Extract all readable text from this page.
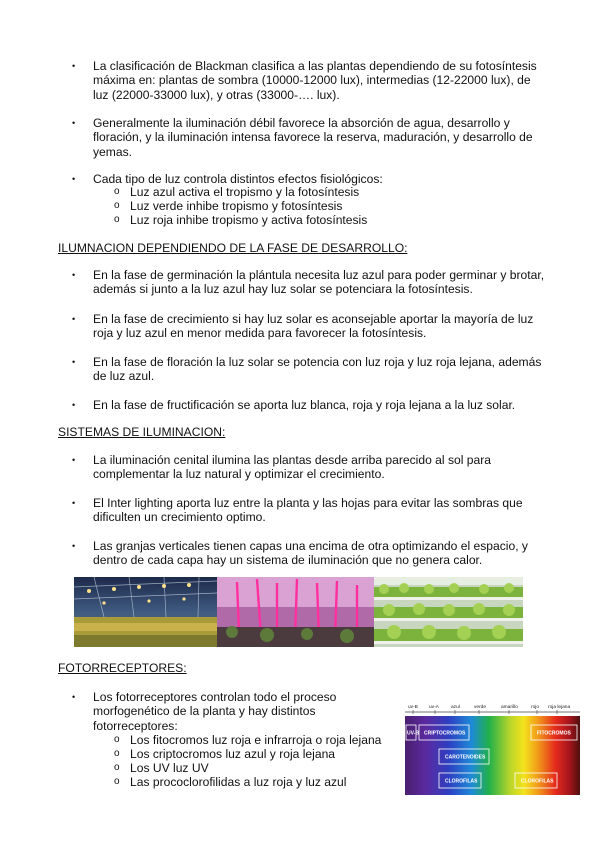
• La clasificación de Blackman clasifica a las plantas dependiendo de su fotosíntesis máxima en: plantas de sombra (10000-12000 lux), intermedias (12-22000 lux), de luz (22000-33000 lux), y otras (33000-…. lux).

• Generalmente la iluminación débil favorece la absorción de agua, desarrollo y floración, y la iluminación intensa favorece la reserva, maduración, y desarrollo de yemas.

• Cada tipo de luz controla distintos efectos fisiológicos:

o Luz azul activa el tropismo y la fotosíntesis

o Luz verde inhibe tropismo y fotosíntesis

o Luz roja inhibe tropismo y activa fotosíntesis

ILUMNACION DEPENDIENDO DE LA FASE DE DESARROLLO:

• En la fase de germinación la plántula necesita luz azul para poder germinar y brotar, además si junto a la luz azul hay luz solar se potenciara la fotosíntesis.

• En la fase de crecimiento si hay luz solar es aconsejable aportar la mayoría de luz roja y luz azul en menor medida para favorecer la fotosíntesis.

• En la fase de floración la luz solar se potencia con luz roja y luz roja lejana, además de luz azul.

• En la fase de fructificación se aporta luz blanca, roja y roja lejana a la luz solar.

SISTEMAS DE ILUMINACION:

• La iluminación cenital ilumina las plantas desde arriba parecido al sol para complementar la luz natural y optimizar el crecimiento.

• El Inter lighting aporta luz entre la planta y las hojas para evitar las sombras que dificulten un crecimiento optimo.

• Las granjas verticales tienen capas una encima de otra optimizando el espacio, y dentro de cada capa hay un sistema de iluminación que no genera calor.

FOTORRECEPTORES:

• Los fotorreceptores controlan todo el proceso morfogenético de la planta y hay distintos fotorreceptores:

o Los fitocromos luz roja e infrarroja o roja lejana

o Los criptocromos luz azul y roja lejana

o Los UV luz UV

o Las prococlorofilidas a luz roja y luz azul

uv-B uv-A	azul	verde	amarillo	rojo roja lejana
UV-B CRIPTOCROMOS	FITOCROMOS
CAROTENOIDES
CLOROFILAS	CLOROFILAS
